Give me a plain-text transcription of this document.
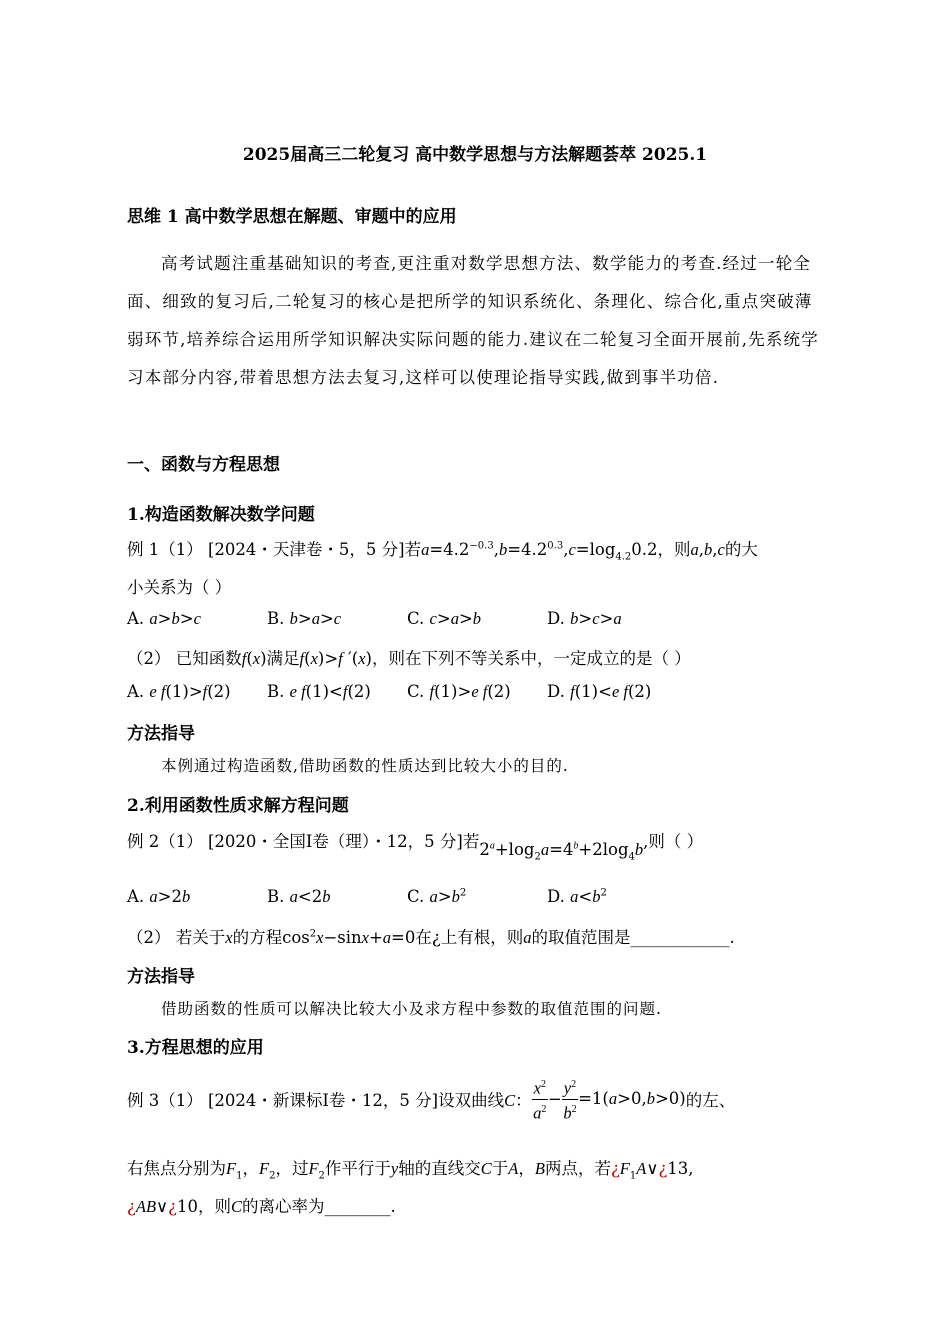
2025届高三二轮复习 高中数学思想与方法解题荟萃 2025.1
思维 1 高中数学思想在解题、审题中的应用
高考试题注重基础知识的考查,更注重对数学思想方法、数学能力的考查.经过一轮全面、细致的复习后,二轮复习的核心是把所学的知识系统化、条理化、综合化,重点突破薄弱环节,培养综合运用所学知识解决实际问题的能力.建议在二轮复习全面开展前,先系统学习本部分内容,带着思想方法去复习,这样可以使理论指导实践,做到事半功倍.
一、函数与方程思想
1.构造函数解决数学问题
例 1（1） [2024・天津卷・5，5 分]若$a=4.2^{-0.3},b=4.2^{0.3},c=\log_{4.2}0.2$，则a,b,c的大
小关系为（ ）
A. a>b>c	B. b>a>c	C. c>a>b	D. b>c>a
（2） 已知函数f(x)满足f(x)>f ′(x)，则在下列不等关系中，一定成立的是（ ）
A. e f(1)>f(2) B. e f(1)<f(2) C. f(1)>e f(2) D. f(1)<e f(2)
方法指导
本例通过构造函数,借助函数的性质达到比较大小的目的.
2.利用函数性质求解方程问题
例 2（1） [2020・全国Ⅰ卷（理）・12，5 分]若$2^a+\log_2a=4^b+2\log_4b$,则（ ）
A. a>2b	B. a<2b	C. $a>b^2$	D. $a<b^2$
（2） 若关于x的方程$\cos^2x-\sin x+a=0$在¿上有根，则a的取值范围是____________.
方法指导
借助函数的性质可以解决比较大小及求方程中参数的取值范围的问题.
3.方程思想的应用
例 3（1） [2024・新课标Ⅰ卷・12，5 分]设双曲线C： $\frac{x^2}{a^2} - \frac{y^2}{b^2} =1(a>0,b>0)$的左、
右焦点分别为$F_1$，$F_2$，过$F_2$作平行于y轴的直线交C于A，B两点，若¿$F_1A\vee¿13$,
¿AB∨¿10，则C的离心率为________.
